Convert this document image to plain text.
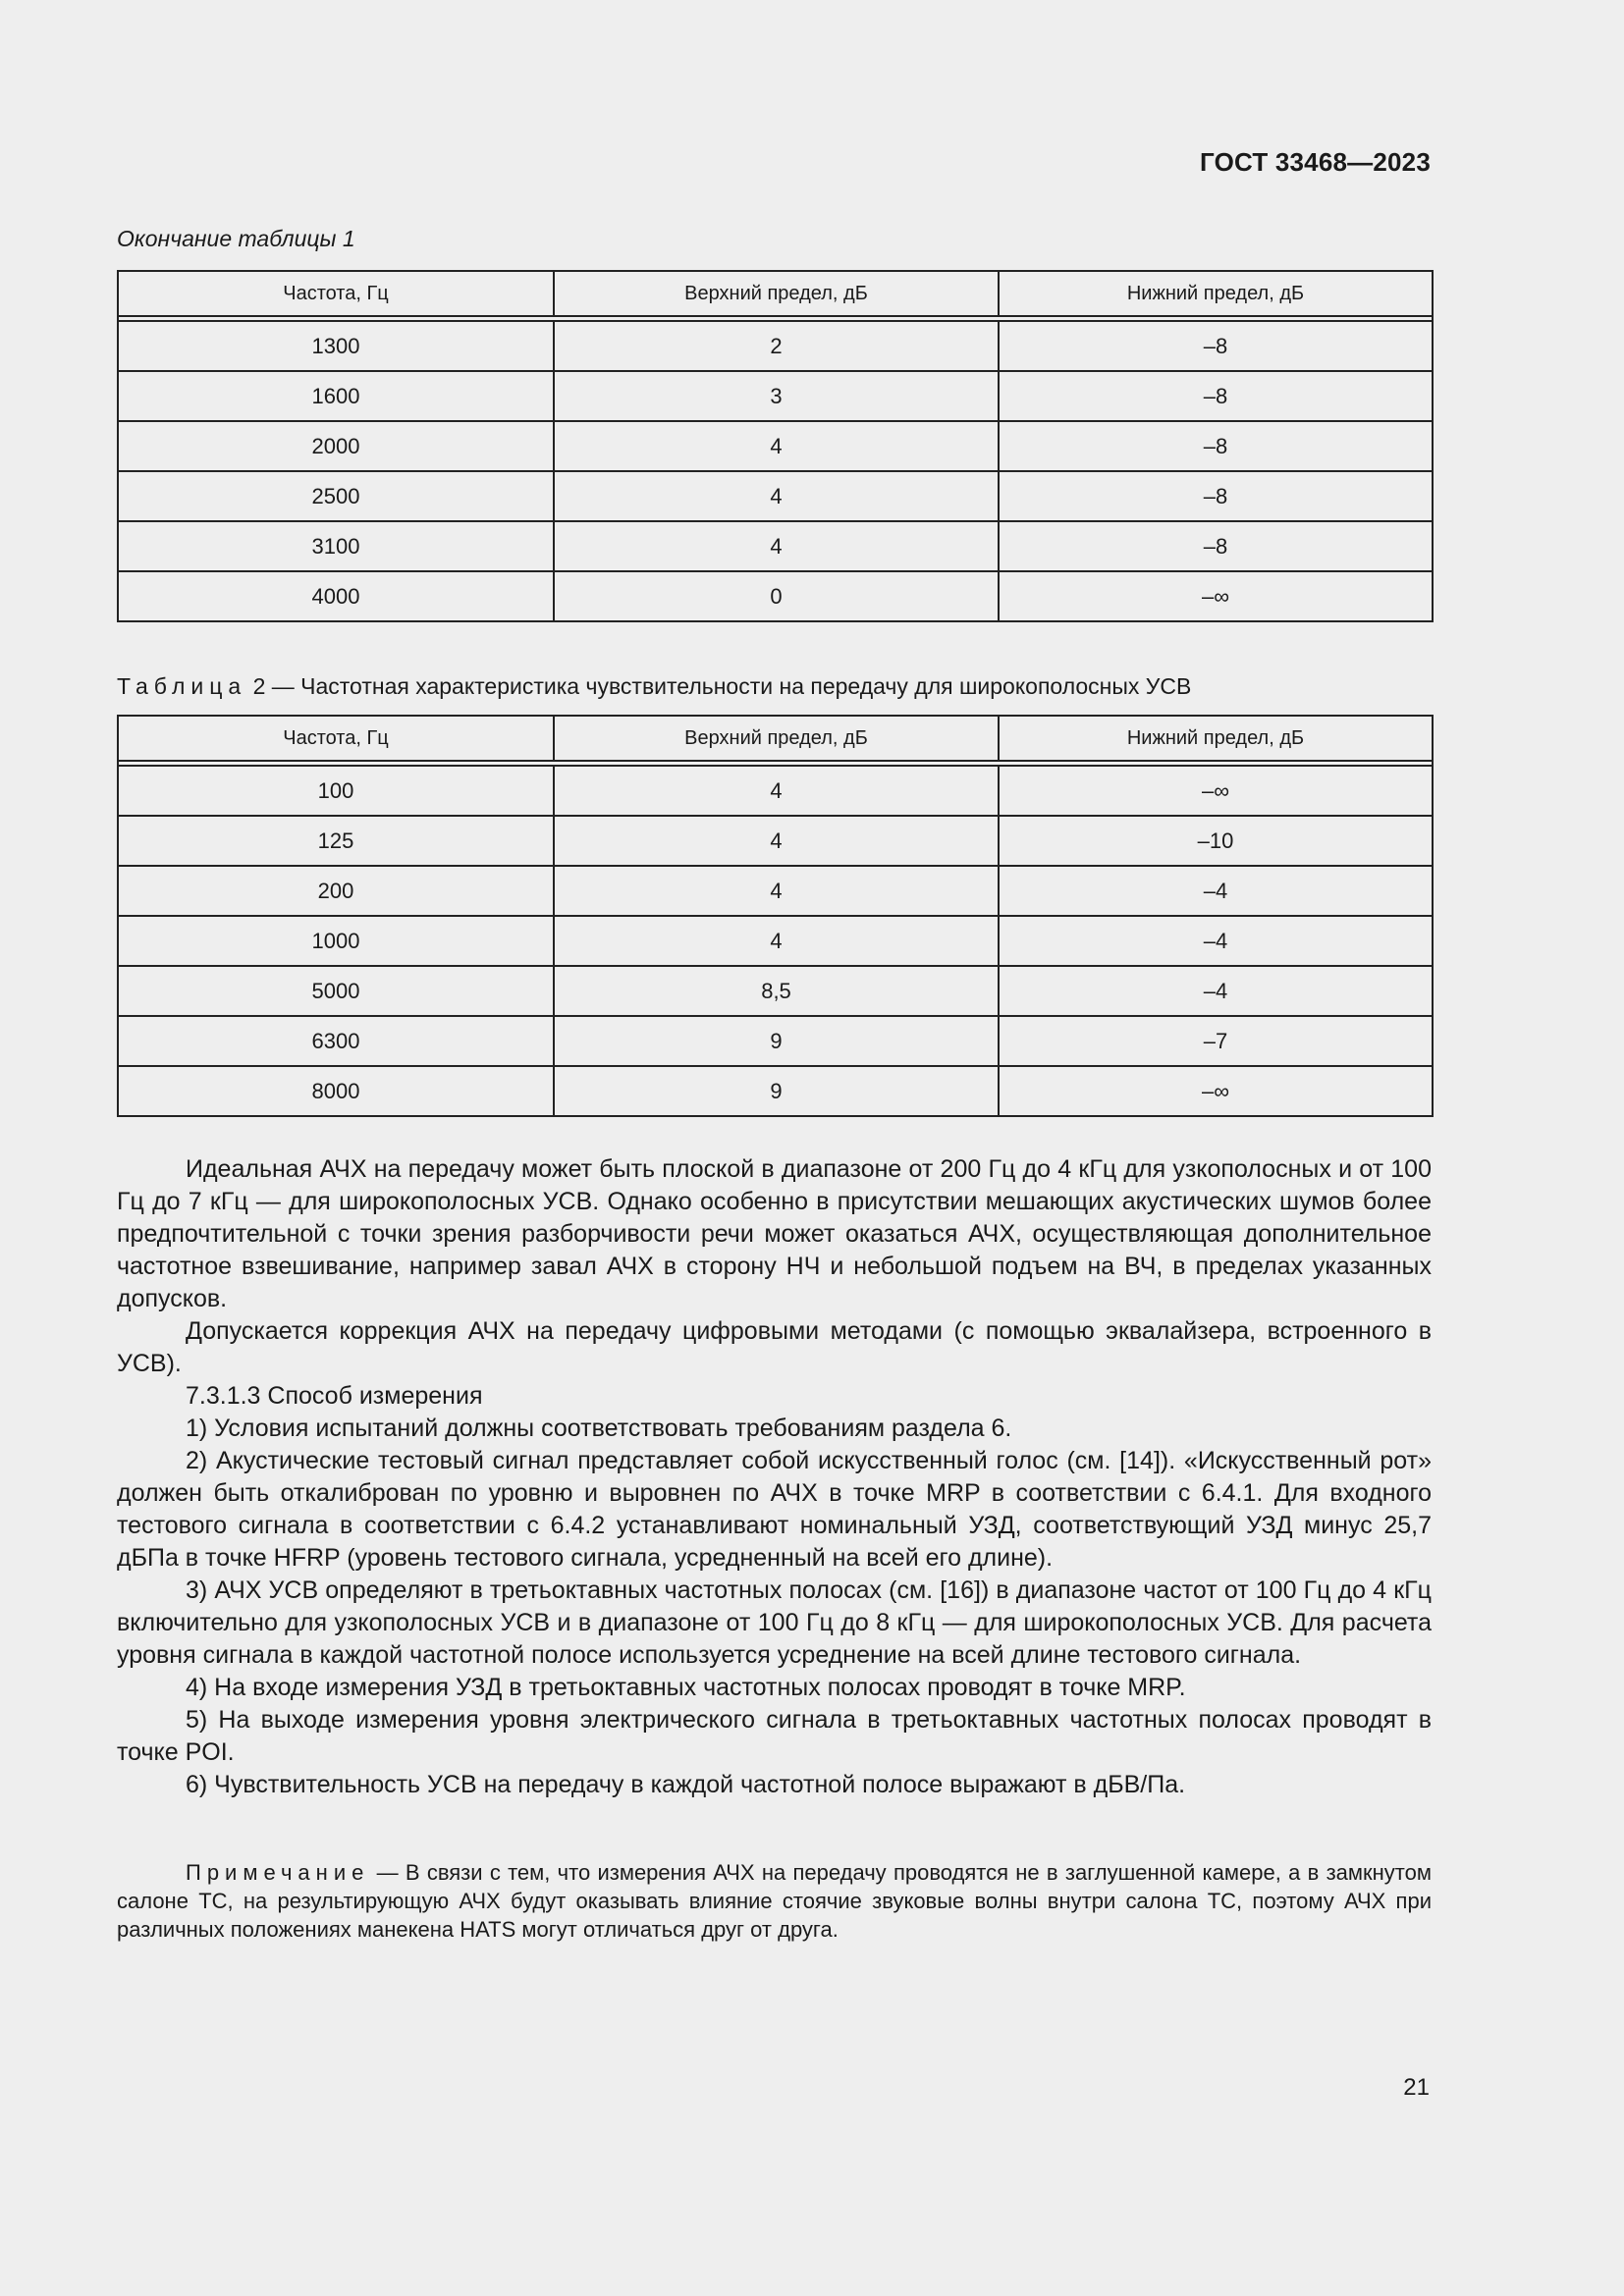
ГОСТ 33468—2023
Окончание таблицы 1
Частота, Гц	Верхний предел, дБ	Нижний предел, дБ

1300	2	–8
1600	3	–8
2000	4	–8
2500	4	–8
3100	4	–8
4000	0	–∞
Таблица 2 — Частотная характеристика чувствительности на передачу для широкополосных УСВ
Частота, Гц	Верхний предел, дБ	Нижний предел, дБ

100	4	–∞
125	4	–10
200	4	–4
1000	4	–4
5000	8,5	–4
6300	9	–7
8000	9	–∞

Идеальная АЧХ на передачу может быть плоской в диапазоне от 200 Гц до 4 кГц для узкополосных и от 100 Гц до 7 кГц — для широкополосных УСВ. Однако особенно в присутствии мешающих акустических шумов более предпочтительной с точки зрения разборчивости речи может оказаться АЧХ, осуществляющая дополнительное частотное взвешивание, например завал АЧХ в сторону НЧ и небольшой подъем на ВЧ, в пределах указанных допусков.

Допускается коррекция АЧХ на передачу цифровыми методами (с помощью эквалайзера, встроенного в УСВ).

7.3.1.3 Способ измерения

1) Условия испытаний должны соответствовать требованиям раздела 6.

2) Акустические тестовый сигнал представляет собой искусственный голос (см. [14]). «Искусственный рот» должен быть откалиброван по уровню и выровнен по АЧХ в точке MRP в соответствии с 6.4.1. Для входного тестового сигнала в соответствии с 6.4.2 устанавливают номинальный УЗД, соответствующий УЗД минус 25,7 дБПа в точке HFRP (уровень тестового сигнала, усредненный на всей его длине).

3) АЧХ УСВ определяют в третьоктавных частотных полосах (см. [16]) в диапазоне частот от 100 Гц до 4 кГц включительно для узкополосных УСВ и в диапазоне от 100 Гц до 8 кГц — для широкополосных УСВ. Для расчета уровня сигнала в каждой частотной полосе используется усреднение на всей длине тестового сигнала.

4) На входе измерения УЗД в третьоктавных частотных полосах проводят в точке MRP.

5) На выходе измерения уровня электрического сигнала в третьоктавных частотных полосах проводят в точке POI.

6) Чувствительность УСВ на передачу в каждой частотной полосе выражают в дБВ/Па.

Примечание — В связи с тем, что измерения АЧХ на передачу проводятся не в заглушенной камере, а в замкнутом салоне ТС, на результирующую АЧХ будут оказывать влияние стоячие звуковые волны внутри салона ТС, поэтому АЧХ при различных положениях манекена HATS могут отличаться друг от друга.

21
